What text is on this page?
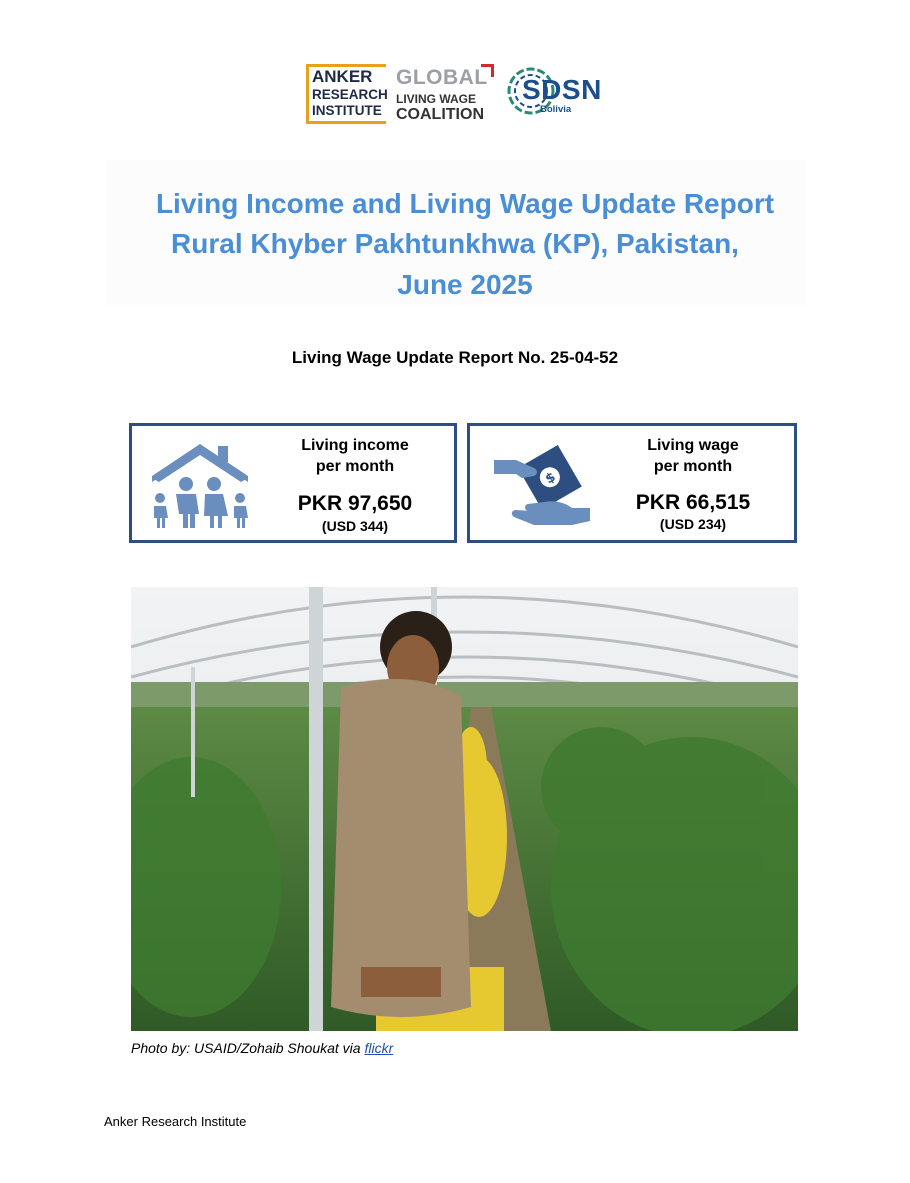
ANKER
RESEARCH
INSTITUTE
GLOBAL
LIVING WAGE
COALITION
SDSN
Bolivia
Living Income and Living Wage Update Report
Rural Khyber Pakhtunkhwa (KP), Pakistan,
June 2025
Living Wage Update Report No. 25-04-52
Living income
per month
PKR 97,650
(USD 344)
$
Living wage
per month
PKR 66,515
(USD 234)
Photo by: USAID/Zohaib Shoukat via flickr
Anker Research Institute
